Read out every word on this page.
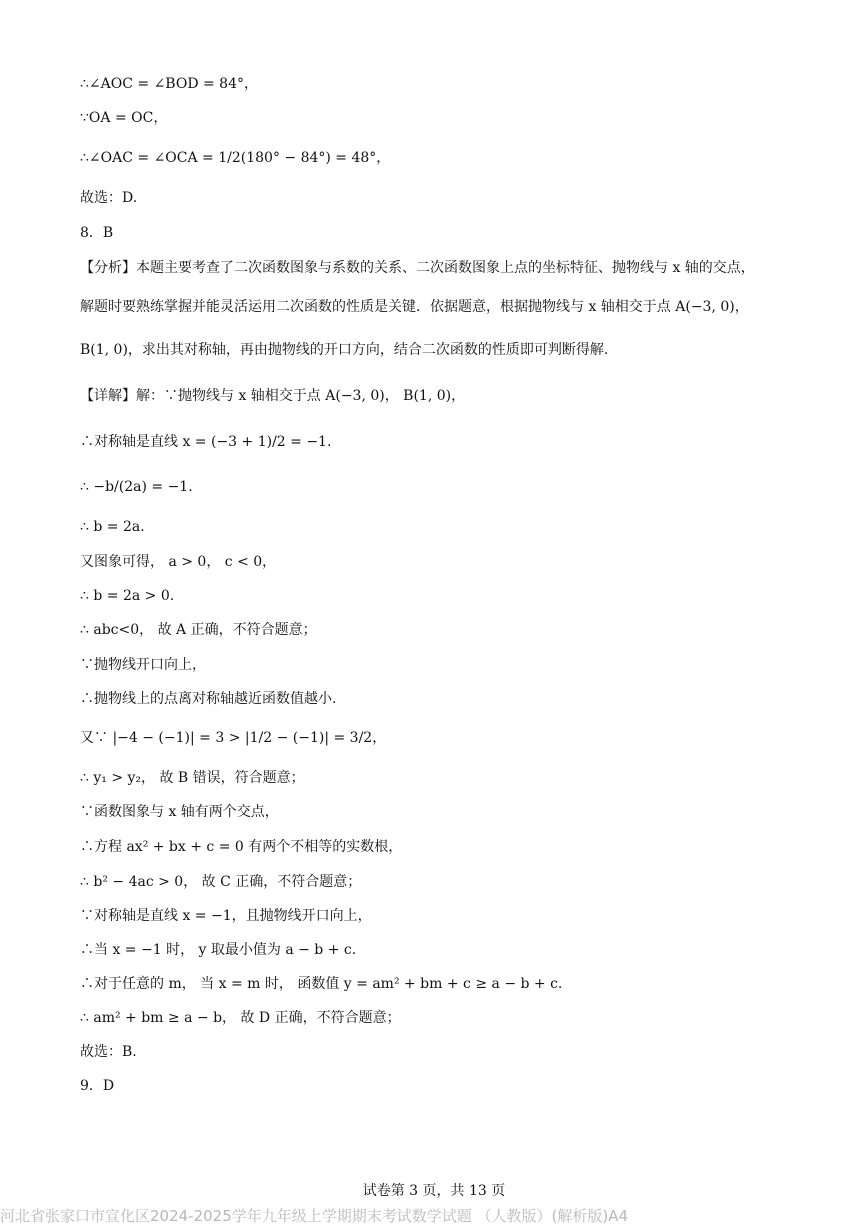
∴∠AOC = ∠BOD = 84°，
∵OA = OC，
∴∠OAC = ∠OCA = 1/2(180° − 84°) = 48°，
故选：D.
8．B
【分析】本题主要考查了二次函数图象与系数的关系、二次函数图象上点的坐标特征、抛物线与 x 轴的交点，
解题时要熟练掌握并能灵活运用二次函数的性质是关键．依据题意，根据抛物线与 x 轴相交于点 A(−3, 0)，
B(1, 0)，求出其对称轴，再由抛物线的开口方向，结合二次函数的性质即可判断得解.
【详解】解：∵抛物线与 x 轴相交于点 A(−3, 0)， B(1, 0)，
∴对称轴是直线 x = (−3 + 1)/2 = −1.
∴ −b/(2a) = −1.
∴ b = 2a.
又图象可得， a > 0， c < 0，
∴ b = 2a > 0.
∴ abc<0， 故 A 正确，不符合题意；
∵抛物线开口向上，
∴抛物线上的点离对称轴越近函数值越小.
又∵ |−4 − (−1)| = 3 > |1/2 − (−1)| = 3/2，
∴ y₁ > y₂， 故 B 错误，符合题意；
∵函数图象与 x 轴有两个交点，
∴方程 ax² + bx + c = 0 有两个不相等的实数根，
∴ b² − 4ac > 0， 故 C 正确，不符合题意；
∵对称轴是直线 x = −1，且抛物线开口向上，
∴当 x = −1 时， y 取最小值为 a − b + c.
∴对于任意的 m， 当 x = m 时， 函数值 y = am² + bm + c ≥ a − b + c.
∴ am² + bm ≥ a − b， 故 D 正确，不符合题意；
故选：B.
9．D
试卷第 3 页，共 13 页
河北省张家口市宣化区2024-2025学年九年级上学期期末考试数学试题 （人教版）(解析版)A4
